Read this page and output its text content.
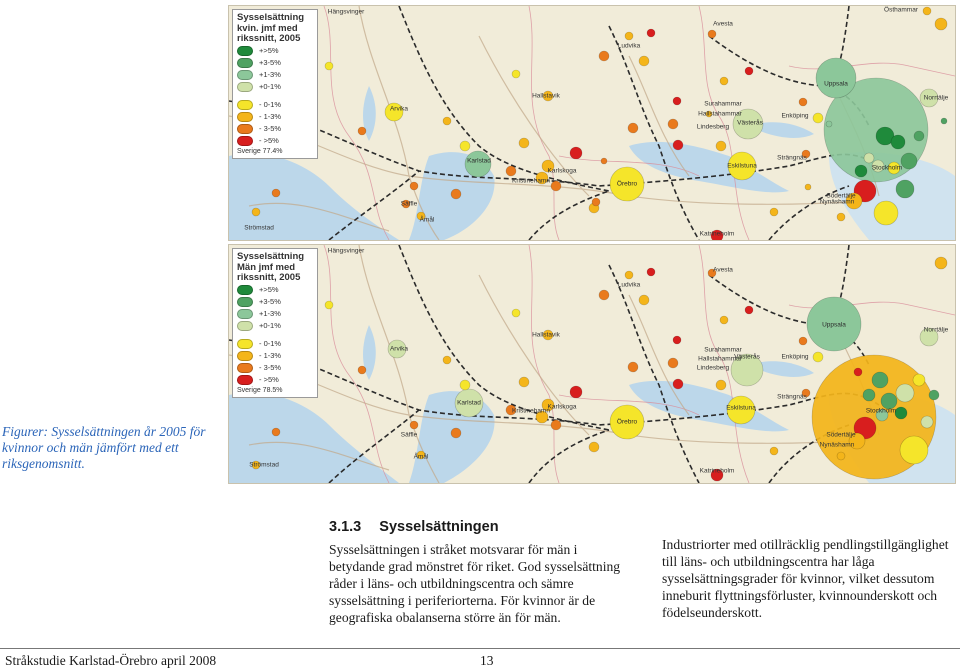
Figurer: Sysselsättningen år 2005 för kvinnor och män jämfört med ett riksgenomsnitt.
Sysselsättning kvin. jmf med rikssnitt, 2005
+>5%
+3-5%
+1-3%
+0-1%
- 0-1%
- 1-3%
- 3-5%
- >5%
Sverige 77.4%
Hängsvinger
Ludvika
Avesta
Uppsala
Norrtälje
Östhammar
Hallstavik
Surahammar
Hallstahammar
Västerås
Enköping
Lindesberg
Arvika
Karlstad
Kristinehamn
Karlskoga
Örebro
Eskilstuna
Strängnäs
Södertälje
Stockholm
Nynäshamn
Säffle
Åmål
Strömstad
Katrineholm
Sysselsättning Män jmf med rikssnitt, 2005
+>5%
+3-5%
+1-3%
+0-1%
- 0-1%
- 1-3%
- 3-5%
- >5%
Sverige 78.5%
Hängsvinger
Ludvika
Avesta
Uppsala
Norrtälje
Hallstavik
Surahammar
Hallstahammar
Västerås	Enköping
Lindesberg
Arvika
Karlstad
Kristinehamn
Karlskoga
Örebro
Eskilstuna
Strängnäs
Södertälje
Stockholm
Nynäshamn
Säffle
Åmål
Strömstad
Katrineholm
3.1.3 Sysselsättningen
Sysselsättningen i stråket motsvarar för män i betydande grad mönstret för riket. God sysselsättning råder i läns- och utbildningscentra och sämre sysselsättning i periferiorterna. För kvinnor är de geografiska obalanserna större än för män.
Industriorter med otillräcklig pendlingstillgänglighet till läns- och utbildningscentra har låga sysselsättningsgrader för kvinnor, vilket dessutom inneburit flyttningsförluster, kvinnounderskott och födelseunderskott.
Stråkstudie Karlstad-Örebro april 2008	13
